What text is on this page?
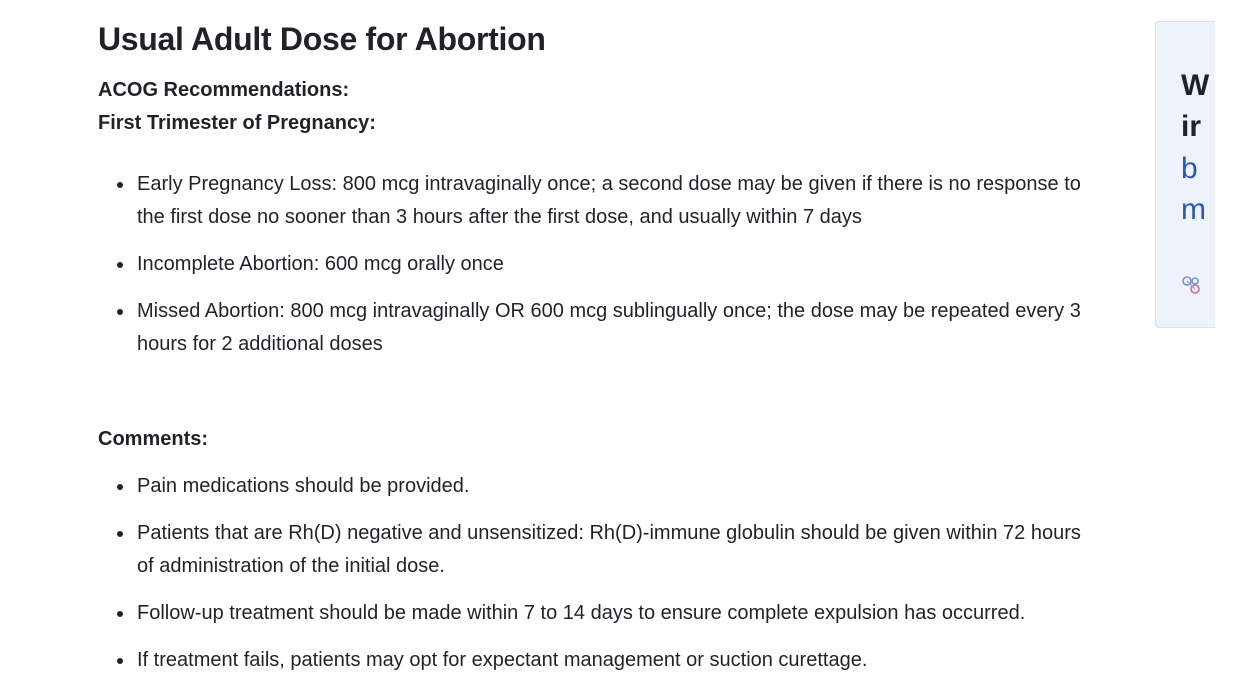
Usual Adult Dose for Abortion
ACOG Recommendations:
First Trimester of Pregnancy:
Early Pregnancy Loss: 800 mcg intravaginally once; a second dose may be given if there is no response to the first dose no sooner than 3 hours after the first dose, and usually within 7 days
Incomplete Abortion: 600 mcg orally once
Missed Abortion: 800 mcg intravaginally OR 600 mcg sublingually once; the dose may be repeated every 3 hours for 2 additional doses
Comments:
Pain medications should be provided.
Patients that are Rh(D) negative and unsensitized: Rh(D)-immune globulin should be given within 72 hours of administration of the initial dose.
Follow-up treatment should be made within 7 to 14 days to ensure complete expulsion has occurred.
If treatment fails, patients may opt for expectant management or suction curettage.
W
ir
b
m
